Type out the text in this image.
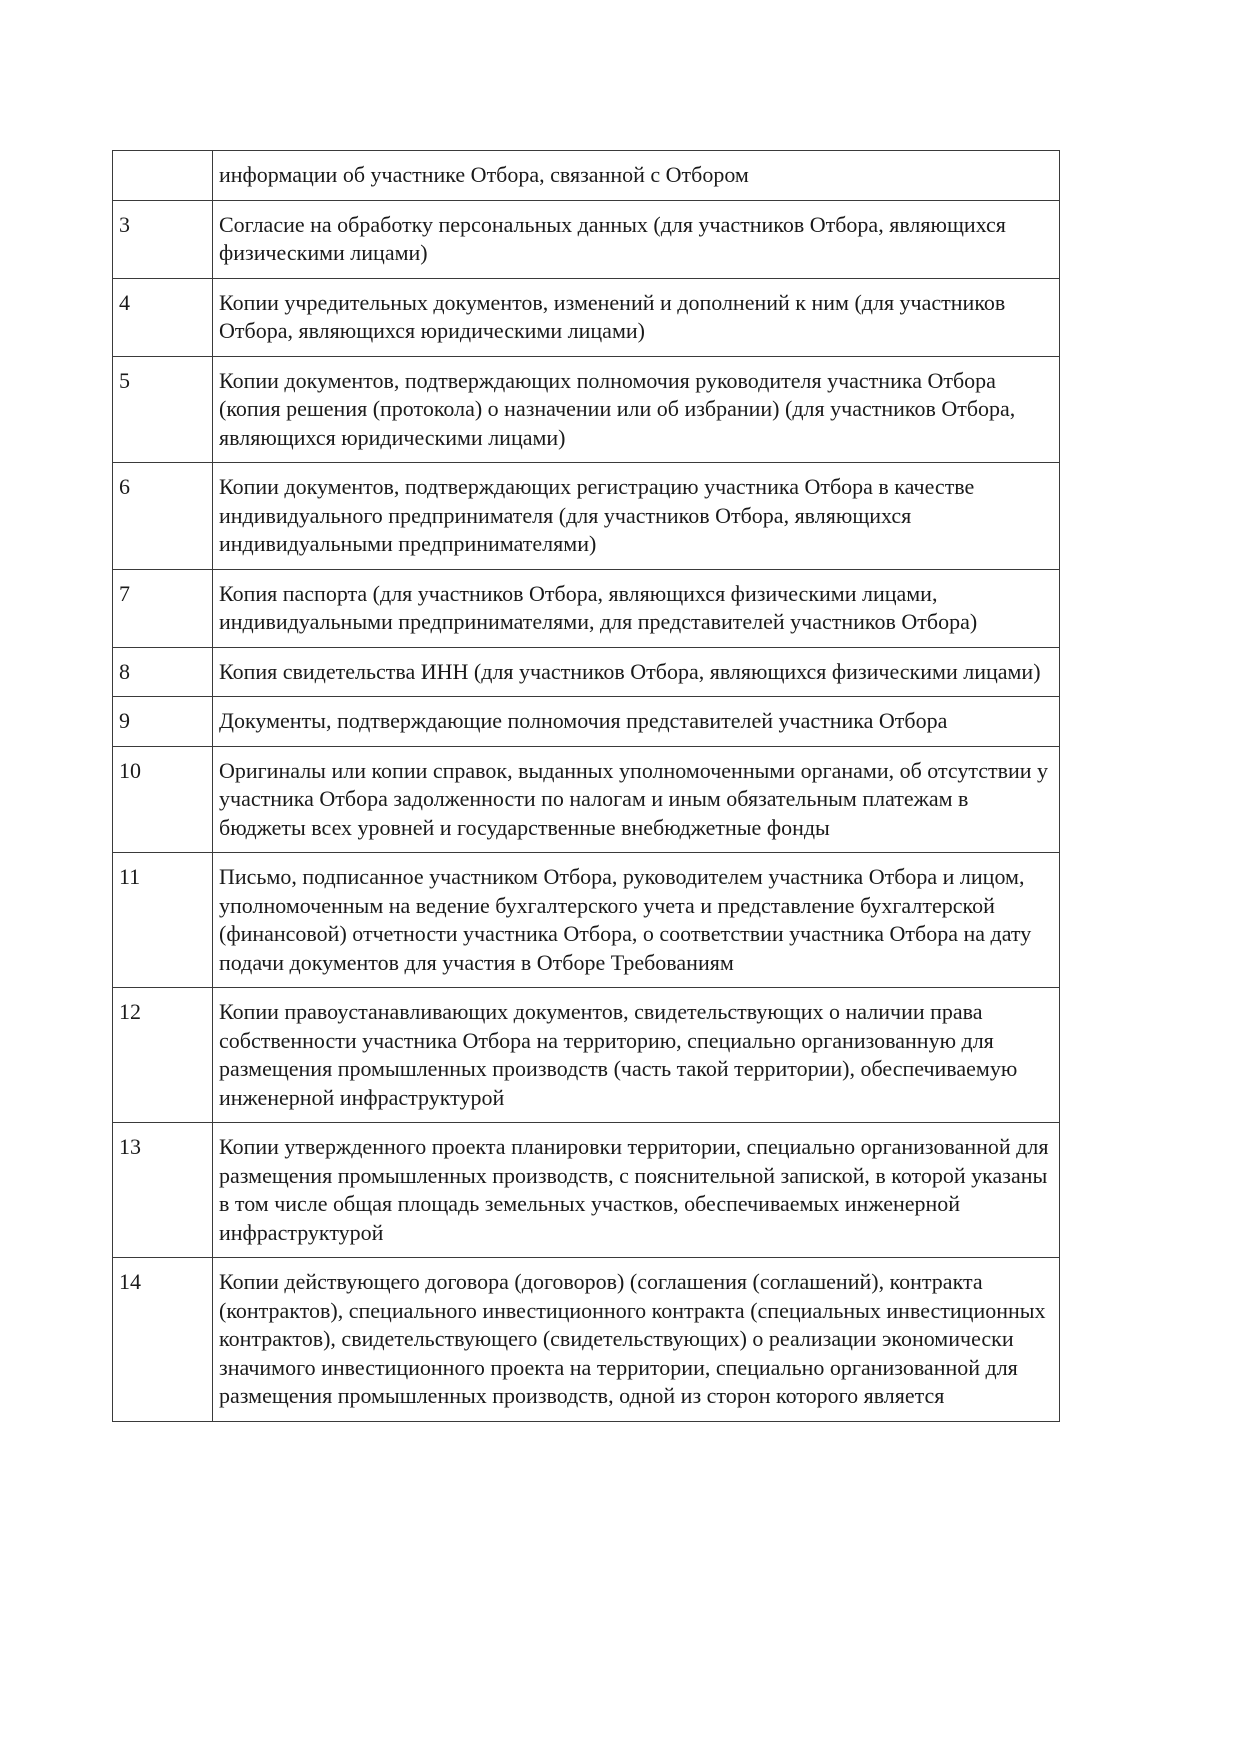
	информации об участнике Отбора, связанной с Отбором
3	Согласие на обработку персональных данных (для участников Отбора, являющихся физическими лицами)
4	Копии учредительных документов, изменений и дополнений к ним (для участников Отбора, являющихся юридическими лицами)
5	Копии документов, подтверждающих полномочия руководителя участника Отбора (копия решения (протокола) о назначении или об избрании) (для участников Отбора, являющихся юридическими лицами)
6	Копии документов, подтверждающих регистрацию участника Отбора в качестве индивидуального предпринимателя (для участников Отбора, являющихся индивидуальными предпринимателями)
7	Копия паспорта (для участников Отбора, являющихся физическими лицами, индивидуальными предпринимателями, для представителей участников Отбора)
8	Копия свидетельства ИНН (для участников Отбора, являющихся физическими лицами)
9	Документы, подтверждающие полномочия представителей участника Отбора
10	Оригиналы или копии справок, выданных уполномоченными органами, об отсутствии у участника Отбора задолженности по налогам и иным обязательным платежам в бюджеты всех уровней и государственные внебюджетные фонды
11	Письмо, подписанное участником Отбора, руководителем участника Отбора и лицом, уполномоченным на ведение бухгалтерского учета и представление бухгалтерской (финансовой) отчетности участника Отбора, о соответствии участника Отбора на дату подачи документов для участия в Отборе Требованиям
12	Копии правоустанавливающих документов, свидетельствующих о наличии права собственности участника Отбора на территорию, специально организованную для размещения промышленных производств (часть такой территории), обеспечиваемую инженерной инфраструктурой
13	Копии утвержденного проекта планировки территории, специально организованной для размещения промышленных производств, с пояснительной запиской, в которой указаны в том числе общая площадь земельных участков, обеспечиваемых инженерной инфраструктурой
14	Копии действующего договора (договоров) (соглашения (соглашений), контракта (контрактов), специального инвестиционного контракта (специальных инвестиционных контрактов), свидетельствующего (свидетельствующих) о реализации экономически значимого инвестиционного проекта на территории, специально организованной для размещения промышленных производств, одной из сторон которого является
